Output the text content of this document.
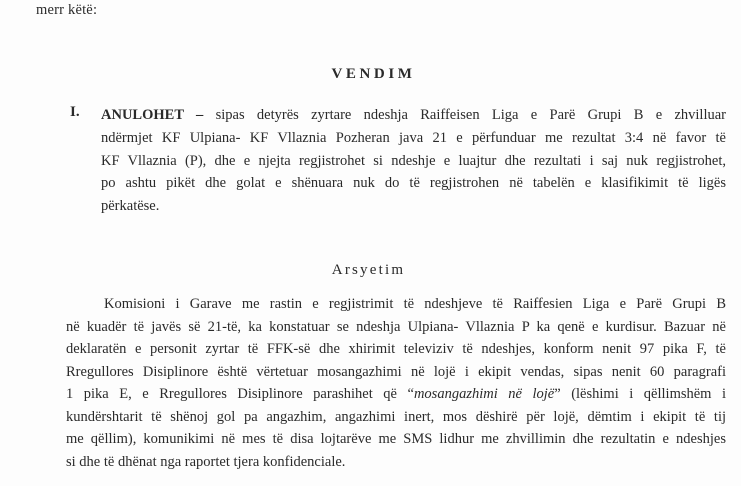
merr këtë:
VENDIM
I. ANULOHET – sipas detyrës zyrtare ndeshja Raiffeisen Liga e Parë Grupi B e zhvilluar
ndërmjet KF Ulpiana- KF Vllaznia Pozheran java 21 e përfunduar me rezultat 3:4 në favor të
KF Vllaznia (P), dhe e njejta regjistrohet si ndeshje e luajtur dhe rezultati i saj nuk regjistrohet,
po ashtu pikët dhe golat e shënuara nuk do të regjistrohen në tabelën e klasifikimit të ligës
përkatëse.
Arsyetim
Komisioni i Garave me rastin e regjistrimit të ndeshjeve të Raiffesien Liga e Parë Grupi B
në kuadër të javës së 21-të, ka konstatuar se ndeshja Ulpiana- Vllaznia P ka qenë e kurdisur. Bazuar në
deklaratën e personit zyrtar të FFK-së dhe xhirimit televiziv të ndeshjes, konform nenit 97 pika F, të
Rregullores Disiplinore është vërtetuar mosangazhimi në lojë i ekipit vendas, sipas nenit 60 paragrafi
1 pika E, e Rregullores Disiplinore parashihet që “mosangazhimi në lojë” (lëshimi i qëllimshëm i
kundërshtarit të shënoj gol pa angazhim, angazhimi inert, mos dëshirë për lojë, dëmtim i ekipit të tij
me qëllim), komunikimi në mes të disa lojtarëve me SMS lidhur me zhvillimin dhe rezultatin e ndeshjes
si dhe të dhënat nga raportet tjera konfidenciale.
